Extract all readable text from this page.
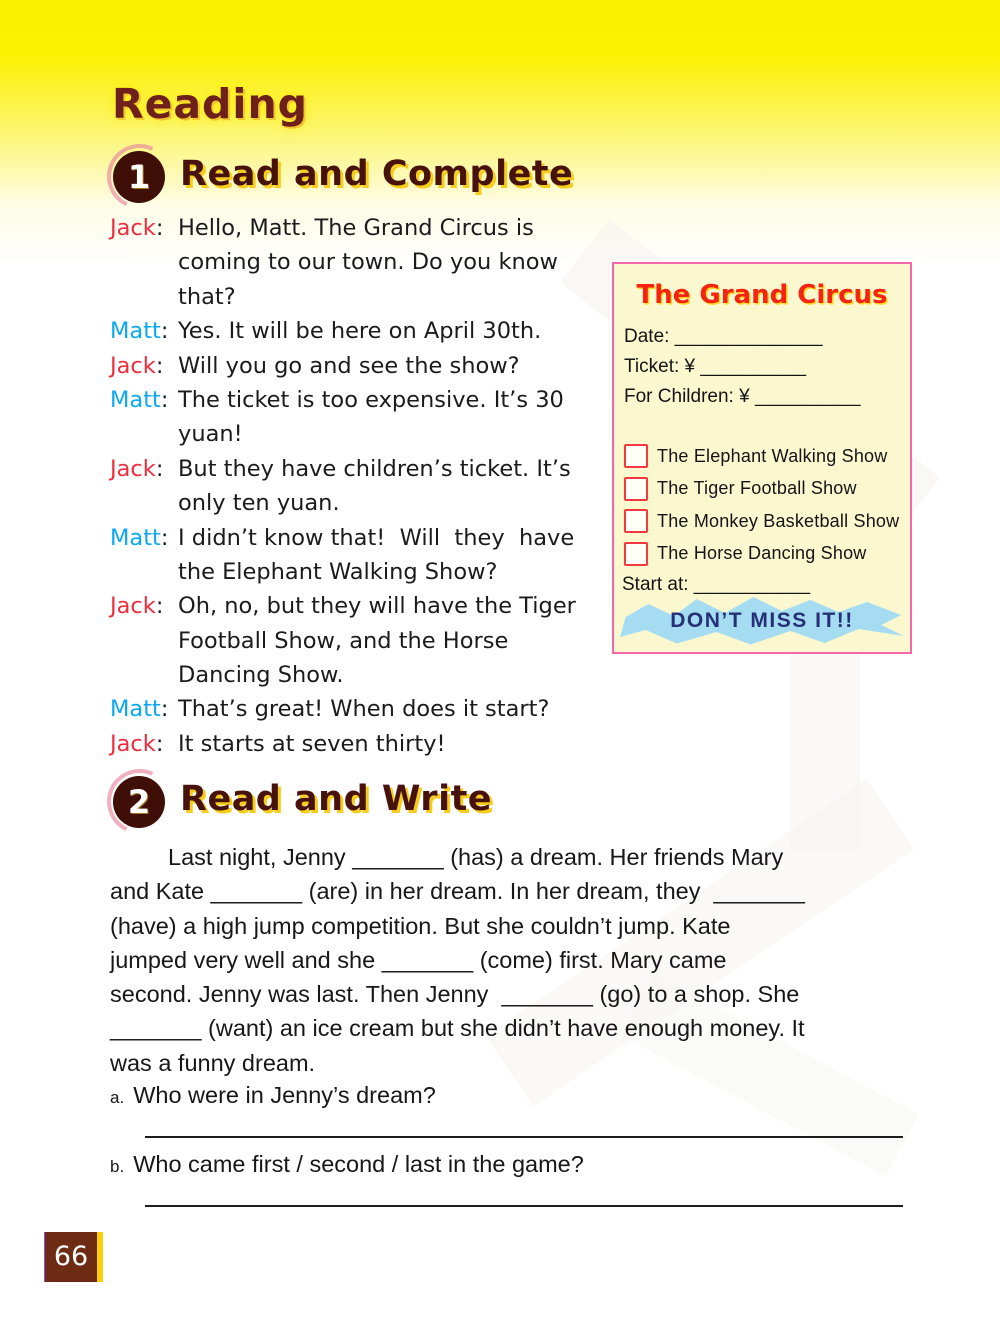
Reading
1 Read and Complete
Jack: Hello, Matt. The Grand Circus is
coming to our town. Do you know
that?
Matt: Yes. It will be here on April 30th.
Jack: Will you go and see the show?
Matt: The ticket is too expensive. It’s 30
yuan!
Jack: But they have children’s ticket. It’s
only ten yuan.
Matt: I didn’t know that!  Will  they  have
the Elephant Walking Show?
Jack: Oh, no, but they will have the Tiger
Football Show, and the Horse
Dancing Show.
Matt: That’s great! When does it start?
Jack: It starts at seven thirty!
The Grand Circus
Date: ______________
Ticket: ¥ __________
For Children: ¥ __________
The Elephant Walking Show
The Tiger Football Show
The Monkey Basketball Show
The Horse Dancing Show
Start at: ___________
DON’T MISS IT!!
2 Read and Write
Last night, Jenny _______ (has) a dream. Her friends Mary
and Kate _______ (are) in her dream. In her dream, they  _______
(have) a high jump competition. But she couldn’t jump. Kate
jumped very well and she _______ (come) first. Mary came
second. Jenny was last. Then Jenny  _______ (go) to a shop. She
_______ (want) an ice cream but she didn’t have enough money. It
was a funny dream.
a. Who were in Jenny’s dream?
b. Who came first / second / last in the game?
66
